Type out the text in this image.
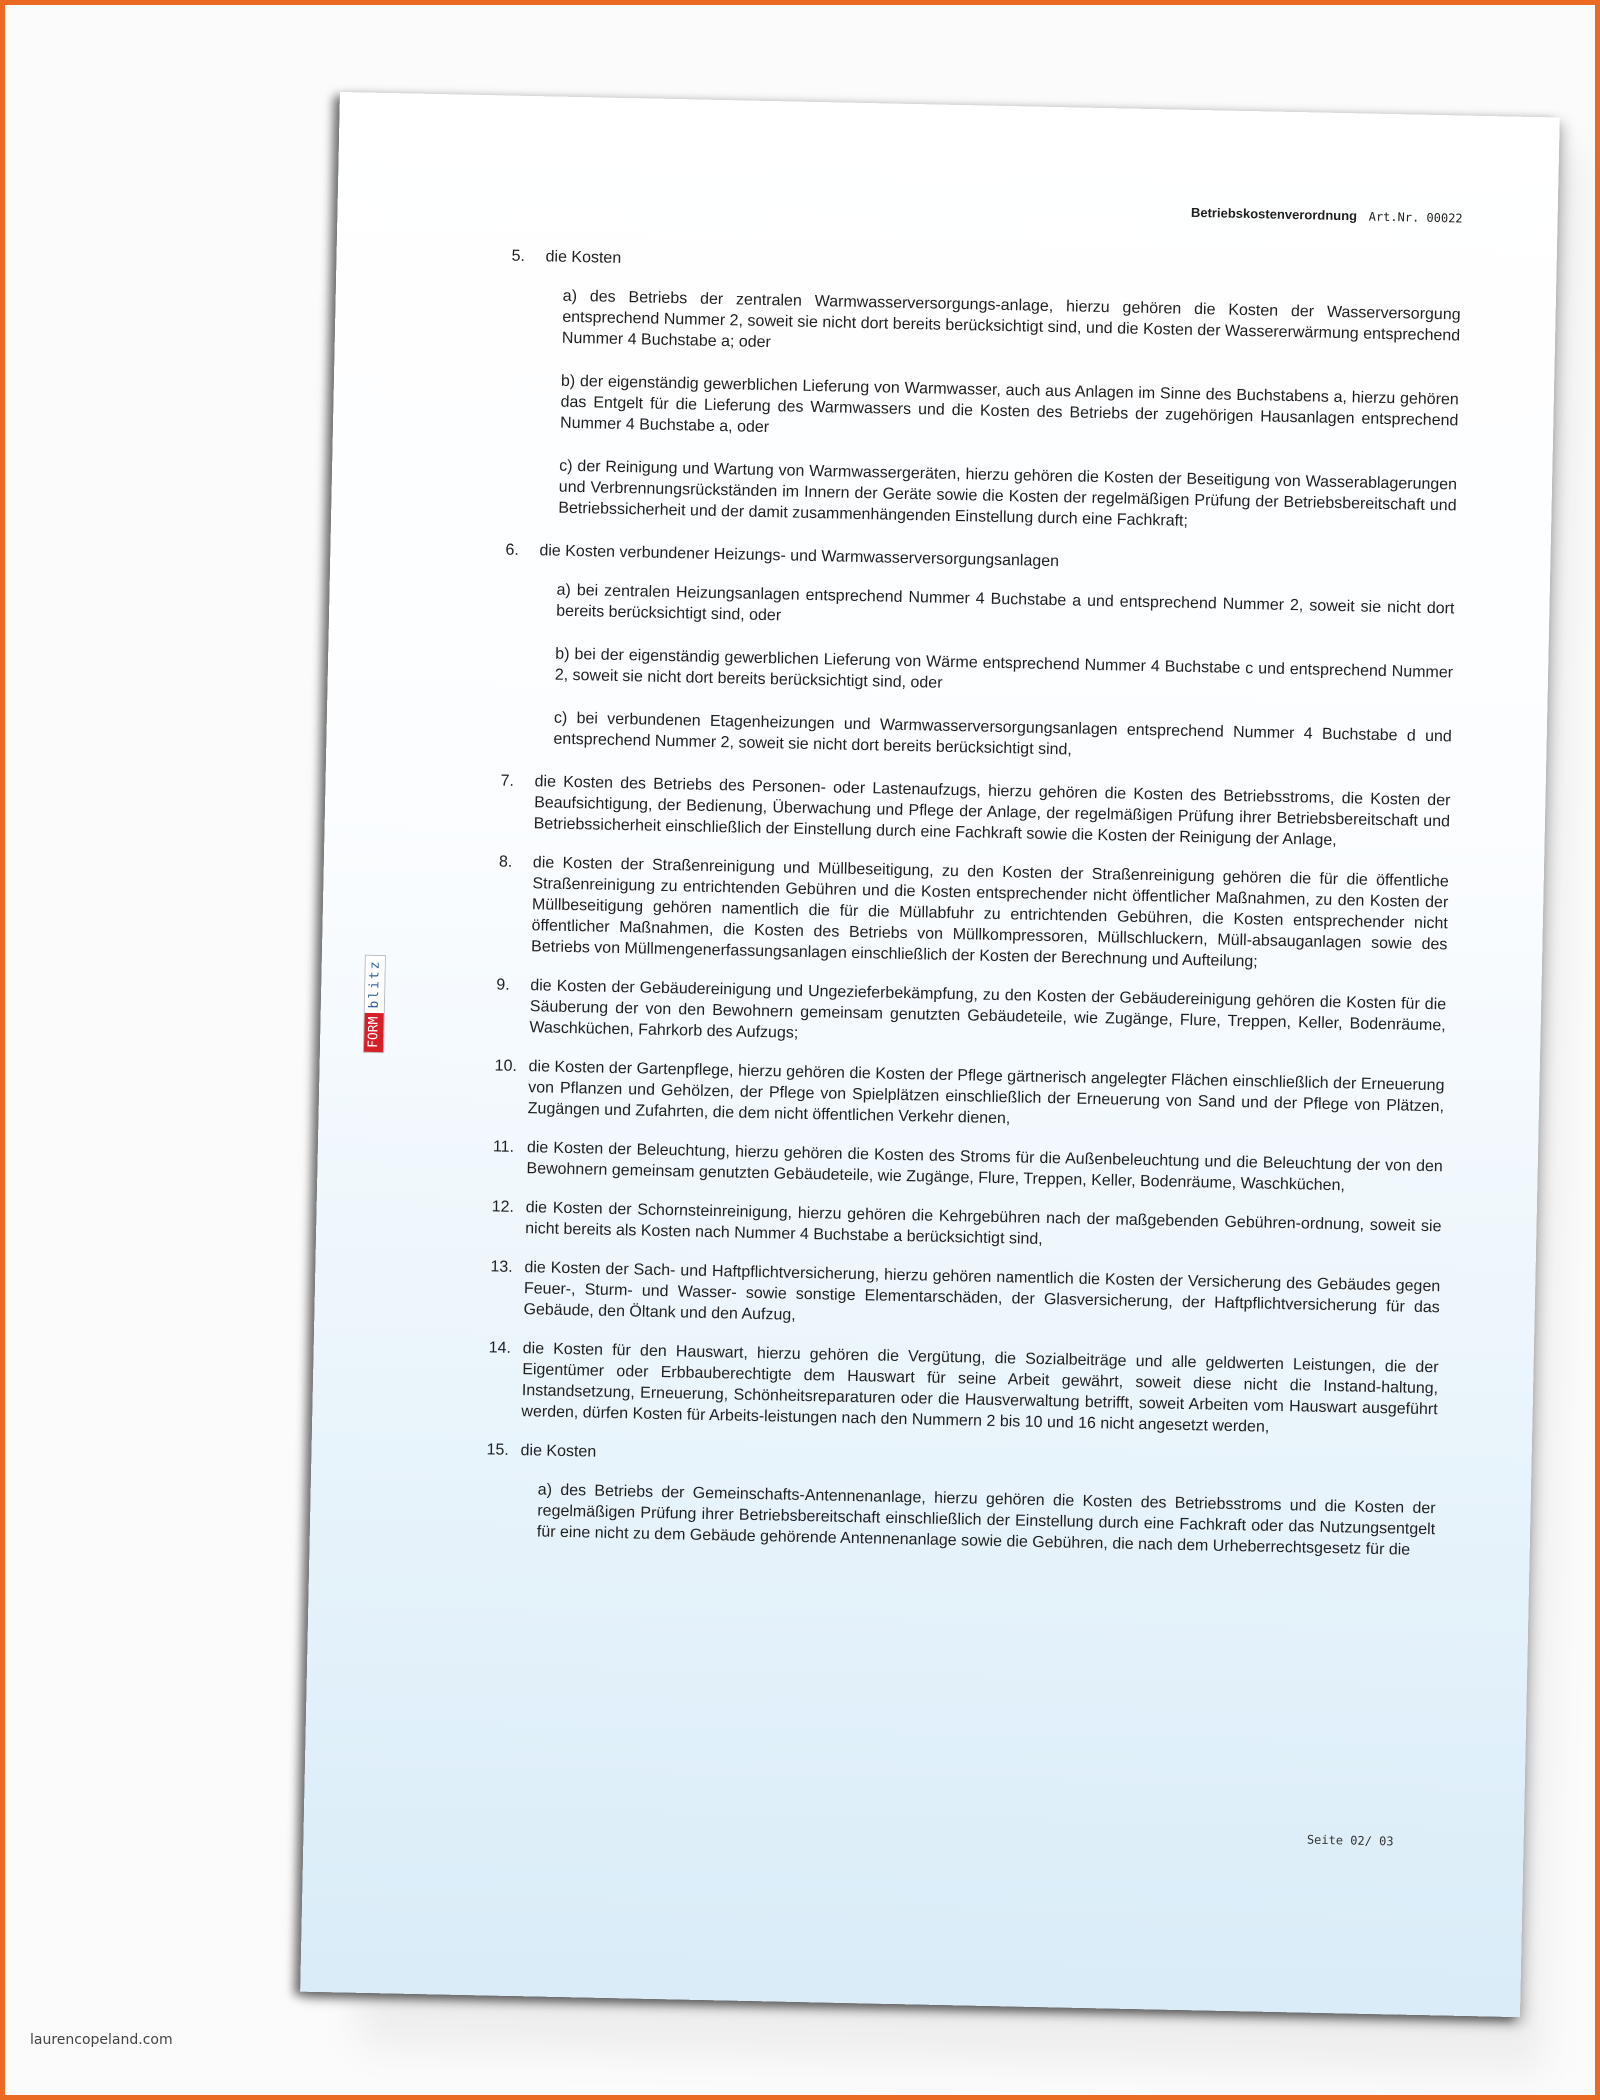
Betriebskostenverordnung Art.Nr. 00022
FORM
blitz
5. die Kosten
a) des Betriebs der zentralen Warmwasserversorgungs-anlage, hierzu gehören die Kosten der Wasserversorgung entsprechend Nummer 2, soweit sie nicht dort bereits berücksichtigt sind, und die Kosten der Wassererwärmung entsprechend Nummer 4 Buchstabe a; oder
b) der eigenständig gewerblichen Lieferung von Warmwasser, auch aus Anlagen im Sinne des Buchstabens a, hierzu gehören das Entgelt für die Lieferung des Warmwassers und die Kosten des Betriebs der zugehörigen Hausanlagen entsprechend Nummer 4 Buchstabe a, oder
c) der Reinigung und Wartung von Warmwassergeräten, hierzu gehören die Kosten der Beseitigung von Wasserablagerungen und Verbrennungsrückständen im Innern der Geräte sowie die Kosten der regelmäßigen Prüfung der Betriebsbereitschaft und Betriebssicherheit und der damit zusammenhängenden Einstellung durch eine Fachkraft;
6. die Kosten verbundener Heizungs- und Warmwasserversorgungsanlagen
a) bei zentralen Heizungsanlagen entsprechend Nummer 4 Buchstabe a und entsprechend Nummer 2, soweit sie nicht dort bereits berücksichtigt sind, oder
b) bei der eigenständig gewerblichen Lieferung von Wärme entsprechend Nummer 4 Buchstabe c und entsprechend Nummer 2, soweit sie nicht dort bereits berücksichtigt sind, oder
c) bei verbundenen Etagenheizungen und Warmwasserversorgungsanlagen entsprechend Nummer 4 Buchstabe d und entsprechend Nummer 2, soweit sie nicht dort bereits berücksichtigt sind,
7. die Kosten des Betriebs des Personen- oder Lastenaufzugs, hierzu gehören die Kosten des Betriebsstroms, die Kosten der Beaufsichtigung, der Bedienung, Überwachung und Pflege der Anlage, der regelmäßigen Prüfung ihrer Betriebsbereitschaft und Betriebssicherheit einschließlich der Einstellung durch eine Fachkraft sowie die Kosten der Reinigung der Anlage,
8. die Kosten der Straßenreinigung und Müllbeseitigung, zu den Kosten der Straßenreinigung gehören die für die öffentliche Straßenreinigung zu entrichtenden Gebühren und die Kosten entsprechender nicht öffentlicher Maßnahmen, zu den Kosten der Müllbeseitigung gehören namentlich die für die Müllabfuhr zu entrichtenden Gebühren, die Kosten entsprechender nicht öffentlicher Maßnahmen, die Kosten des Betriebs von Müllkompressoren, Müllschluckern, Müll-absauganlagen sowie des Betriebs von Müllmengenerfassungsanlagen einschließlich der Kosten der Berechnung und Aufteilung;
9. die Kosten der Gebäudereinigung und Ungezieferbekämpfung, zu den Kosten der Gebäudereinigung gehören die Kosten für die Säuberung der von den Bewohnern gemeinsam genutzten Gebäudeteile, wie Zugänge, Flure, Treppen, Keller, Bodenräume, Waschküchen, Fahrkorb des Aufzugs;
10. die Kosten der Gartenpflege, hierzu gehören die Kosten der Pflege gärtnerisch angelegter Flächen einschließlich der Erneuerung von Pflanzen und Gehölzen, der Pflege von Spielplätzen einschließlich der Erneuerung von Sand und der Pflege von Plätzen, Zugängen und Zufahrten, die dem nicht öffentlichen Verkehr dienen,
11. die Kosten der Beleuchtung, hierzu gehören die Kosten des Stroms für die Außenbeleuchtung und die Beleuchtung der von den Bewohnern gemeinsam genutzten Gebäudeteile, wie Zugänge, Flure, Treppen, Keller, Bodenräume, Waschküchen,
12. die Kosten der Schornsteinreinigung, hierzu gehören die Kehrgebühren nach der maßgebenden Gebühren-ordnung, soweit sie nicht bereits als Kosten nach Nummer 4 Buchstabe a berücksichtigt sind,
13. die Kosten der Sach- und Haftpflichtversicherung, hierzu gehören namentlich die Kosten der Versicherung des Gebäudes gegen Feuer-, Sturm- und Wasser- sowie sonstige Elementarschäden, der Glasversicherung, der Haftpflichtversicherung für das Gebäude, den Öltank und den Aufzug,
14. die Kosten für den Hauswart, hierzu gehören die Vergütung, die Sozialbeiträge und alle geldwerten Leistungen, die der Eigentümer oder Erbbauberechtigte dem Hauswart für seine Arbeit gewährt, soweit diese nicht die Instand-haltung, Instandsetzung, Erneuerung, Schönheitsreparaturen oder die Hausverwaltung betrifft, soweit Arbeiten vom Hauswart ausgeführt werden, dürfen Kosten für Arbeits-leistungen nach den Nummern 2 bis 10 und 16 nicht angesetzt werden,
15. die Kosten
a) des Betriebs der Gemeinschafts-Antennenanlage, hierzu gehören die Kosten des Betriebsstroms und die Kosten der regelmäßigen Prüfung ihrer Betriebsbereitschaft einschließlich der Einstellung durch eine Fachkraft oder das Nutzungsentgelt für eine nicht zu dem Gebäude gehörende Antennenanlage sowie die Gebühren, die nach dem Urheberrechtsgesetz für die
Seite 02/ 03
laurencopeland.com
